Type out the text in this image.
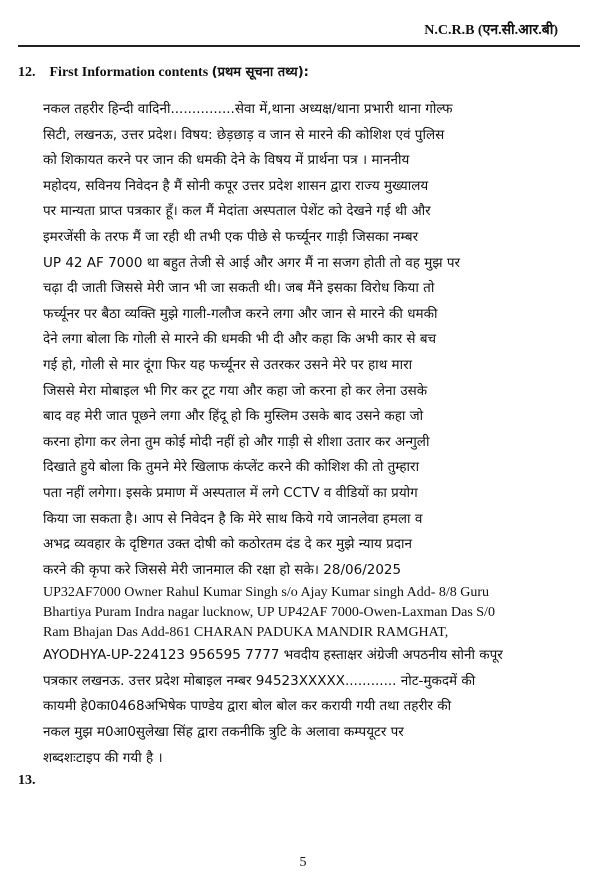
N.C.R.B (एन.सी.आर.बी)
12. First Information contents (प्रथम सूचना तथ्य):
नकल तहरीर हिन्दी वादिनी...............सेवा में,थाना अध्यक्ष/थाना प्रभारी थाना गोल्फ
सिटी, लखनऊ, उत्तर प्रदेश। विषय: छेड़छाड़ व जान से मारने की कोशिश एवं पुलिस
को शिकायत करने पर जान की धमकी देने के विषय में प्रार्थना पत्र । माननीय
महोदय, सविनय निवेदन है मैं सोनी कपूर उत्तर प्रदेश शासन द्वारा राज्य मुख्यालय
पर मान्यता प्राप्त पत्रकार हूँ। कल मैं मेदांता अस्पताल पेशेंट को देखने गई थी और
इमरजेंसी के तरफ मैं जा रही थी तभी एक पीछे से फर्च्यूनर गाड़ी जिसका नम्बर
UP 42 AF 7000 था बहुत तेजी से आई और अगर मैं ना सजग होती तो वह मुझ पर
चढ़ा दी जाती जिससे मेरी जान भी जा सकती थी। जब मैंने इसका विरोध किया तो
फर्च्यूनर पर बैठा व्यक्ति मुझे गाली-गलौज करने लगा और जान से मारने की धमकी
देने लगा बोला कि गोली से मारने की धमकी भी दी और कहा कि अभी कार से बच
गई हो, गोली से मार दूंगा फिर यह फर्च्यूनर से उतरकर उसने मेरे पर हाथ मारा
जिससे मेरा मोबाइल भी गिर कर टूट गया और कहा जो करना हो कर लेना उसके
बाद वह मेरी जात पूछने लगा और हिंदू हो कि मुस्लिम उसके बाद उसने कहा जो
करना होगा कर लेना तुम कोई मोदी नहीं हो और गाड़ी से शीशा उतार कर अन्गुली
दिखाते हुये बोला कि तुमने मेरे खिलाफ कंप्लेंट करने की कोशिश की तो तुम्हारा
पता नहीं लगेगा। इसके प्रमाण में अस्पताल में लगे CCTV व वीडियों का प्रयोग
किया जा सकता है। आप से निवेदन है कि मेरे साथ किये गये जानलेवा हमला व
अभद्र व्यवहार के दृष्टिगत उक्त दोषी को कठोरतम दंड दे कर मुझे न्याय प्रदान
करने की कृपा करे जिससे मेरी जानमाल की रक्षा हो सके। 28/06/2025
UP32AF7000 Owner Rahul Kumar Singh s/o Ajay Kumar singh Add- 8/8 Guru
Bhartiya Puram Indra nagar lucknow, UP UP42AF 7000-Owen-Laxman Das S/0
Ram Bhajan Das Add-861 CHARAN PADUKA MANDIR RAMGHAT,
AYODHYA-UP-224123 956595 7777 भवदीय हस्ताक्षर अंग्रेजी अपठनीय सोनी कपूर
पत्रकार लखनऊ. उत्तर प्रदेश मोबाइल नम्बर 94523XXXXX............ नोट-मुकदमें की
कायमी हे0का0468अभिषेक पाण्डेय द्वारा बोल बोल कर करायी गयी तथा तहरीर की
नकल मुझ म0आ0सुलेखा सिंह द्वारा तकनीकि त्रुटि के अलावा कम्पयूटर पर
शब्दशःटाइप की गयी है ।
13.
5
